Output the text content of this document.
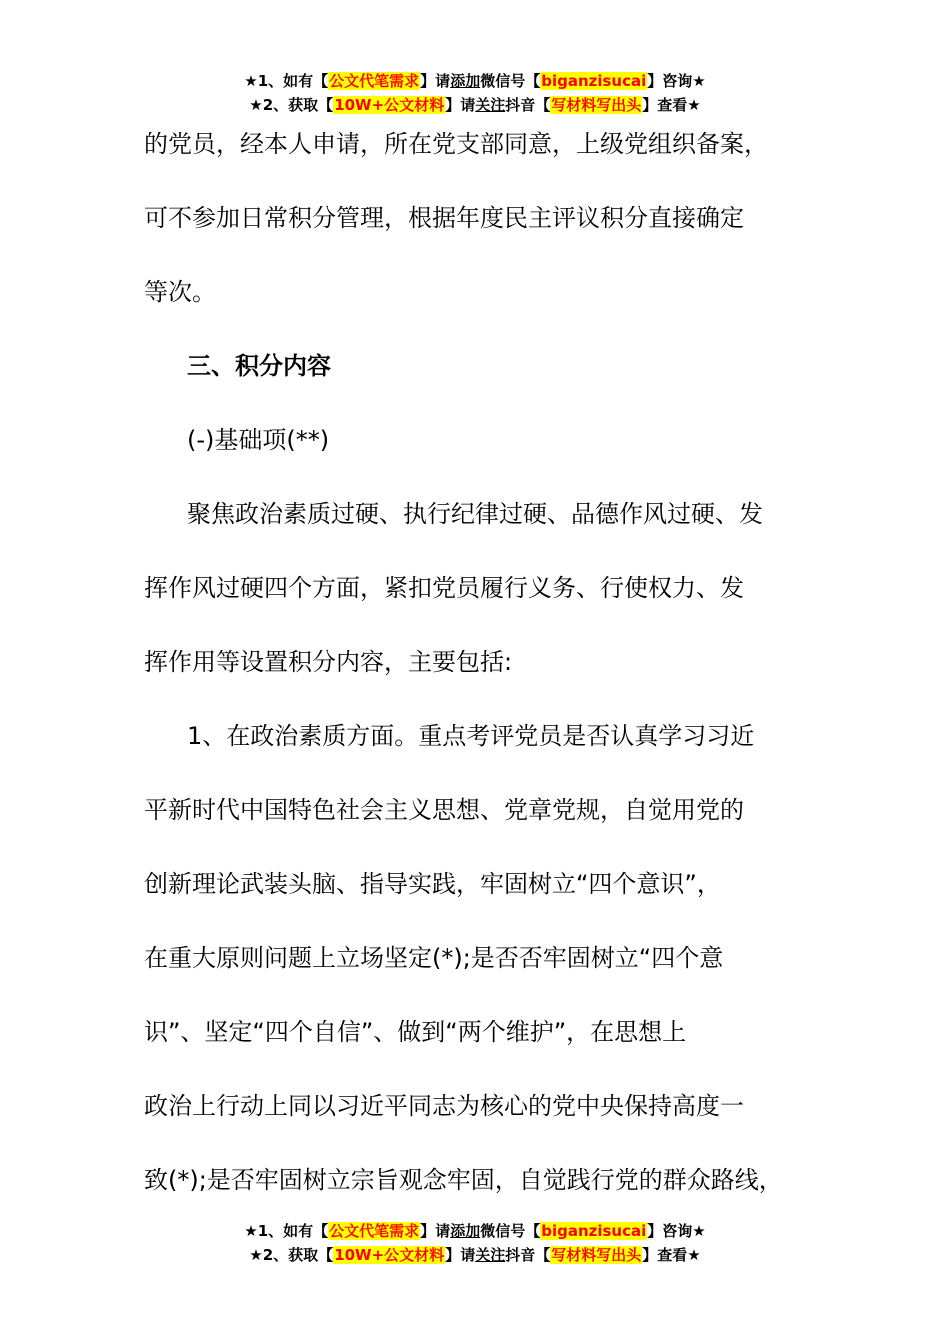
★1、如有【公文代笔需求】请添加微信号【biganzisucai】咨询★
★2、获取【10W+公文材料】请关注抖音【写材料写出头】查看★
的党员，经本人申请，所在党支部同意，上级党组织备案，
可不参加日常积分管理，根据年度民主评议积分直接确定
等次。
三、积分内容
(-)基础项(**)
聚焦政治素质过硬、执行纪律过硬、品德作风过硬、发
挥作风过硬四个方面，紧扣党员履行义务、行使权力、发
挥作用等设置积分内容，主要包括:
1、在政治素质方面。重点考评党员是否认真学习习近
平新时代中国特色社会主义思想、党章党规，自觉用党的
创新理论武装头脑、指导实践，牢固树立“四个意识”，
在重大原则问题上立场坚定(*);是否否牢固树立“四个意
识”、坚定“四个自信”、做到“两个维护”，在思想上
政治上行动上同以习近平同志为核心的党中央保持高度一
致(*);是否牢固树立宗旨观念牢固，自觉践行党的群众路线，
★1、如有【公文代笔需求】请添加微信号【biganzisucai】咨询★
★2、获取【10W+公文材料】请关注抖音【写材料写出头】查看★
